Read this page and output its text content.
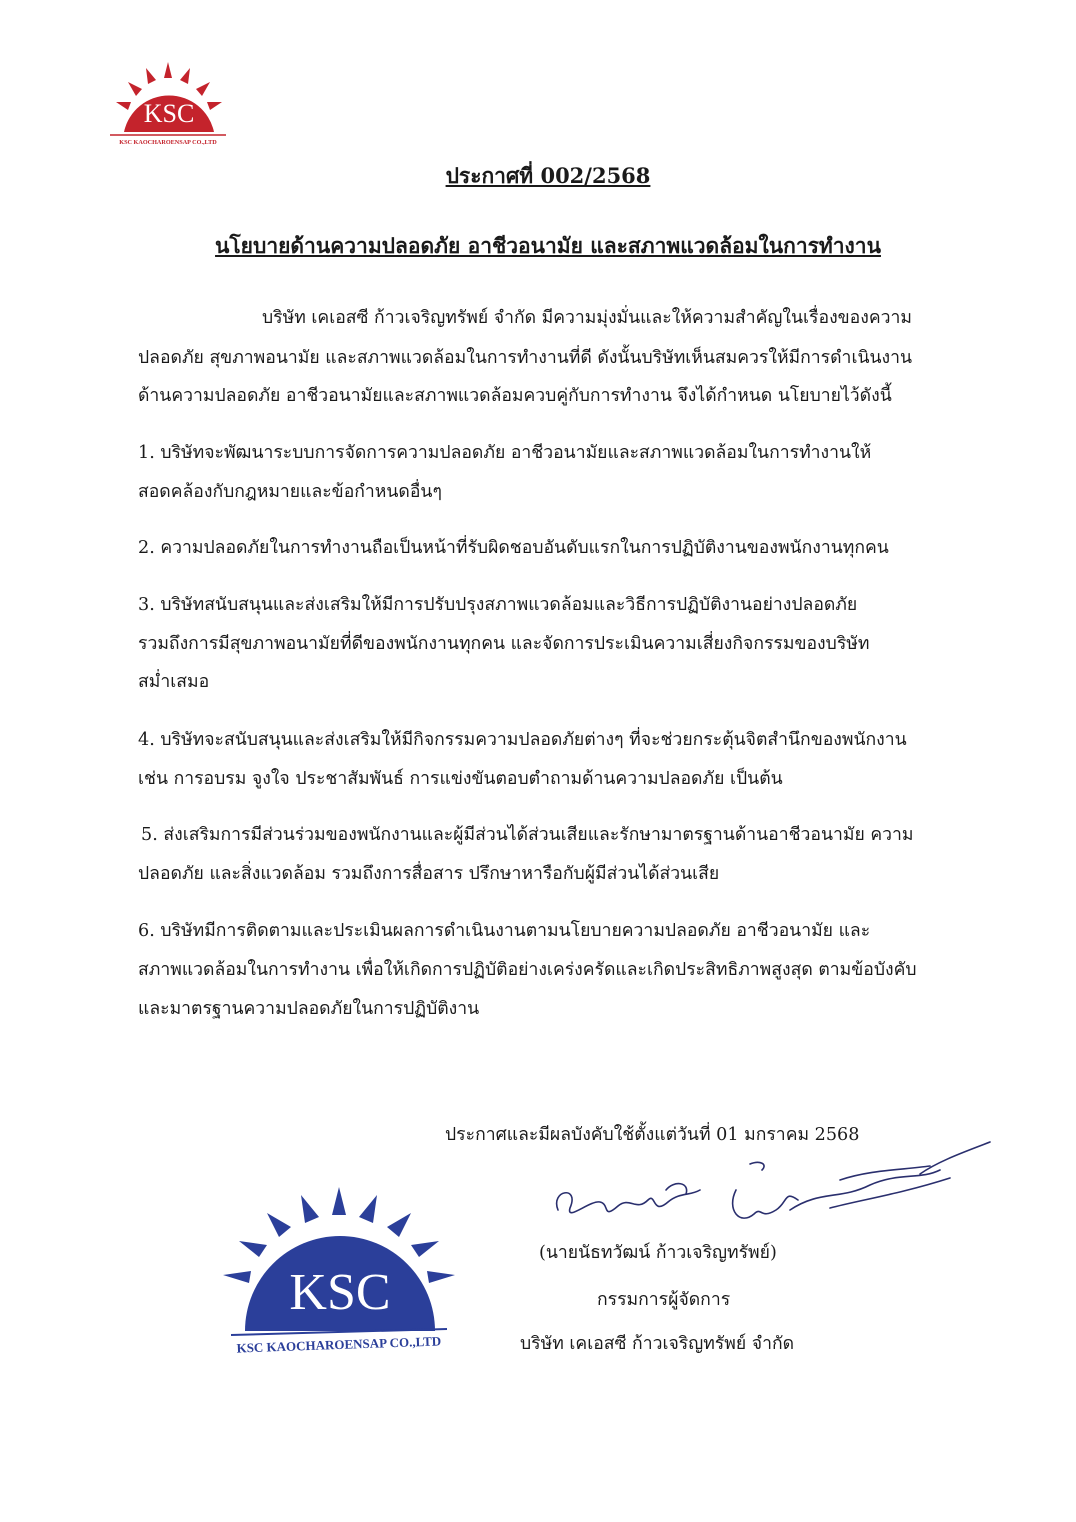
KSC
KSC KAOCHAROENSAP CO.,LTD
ประกาศที่ 002/2568
นโยบายด้านความปลอดภัย อาชีวอนามัย และสภาพแวดล้อมในการทำงาน
บริษัท เคเอสซี ก้าวเจริญทรัพย์ จำกัด มีความมุ่งมั่นและให้ความสำคัญในเรื่องของความ
ปลอดภัย สุขภาพอนามัย และสภาพแวดล้อมในการทำงานที่ดี ดังนั้นบริษัทเห็นสมควรให้มีการดำเนินงาน
ด้านความปลอดภัย อาชีวอนามัยและสภาพแวดล้อมควบคู่กับการทำงาน จึงได้กำหนด นโยบายไว้ดังนี้
1. บริษัทจะพัฒนาระบบการจัดการความปลอดภัย อาชีวอนามัยและสภาพแวดล้อมในการทำงานให้
สอดคล้องกับกฎหมายและข้อกำหนดอื่นๆ
2. ความปลอดภัยในการทำงานถือเป็นหน้าที่รับผิดชอบอันดับแรกในการปฏิบัติงานของพนักงานทุกคน
3. บริษัทสนับสนุนและส่งเสริมให้มีการปรับปรุงสภาพแวดล้อมและวิธีการปฏิบัติงานอย่างปลอดภัย
รวมถึงการมีสุขภาพอนามัยที่ดีของพนักงานทุกคน และจัดการประเมินความเสี่ยงกิจกรรมของบริษัท
สม่ำเสมอ
4. บริษัทจะสนับสนุนและส่งเสริมให้มีกิจกรรมความปลอดภัยต่างๆ ที่จะช่วยกระตุ้นจิตสำนึกของพนักงาน
เช่น การอบรม จูงใจ ประชาสัมพันธ์ การแข่งขันตอบตำถามด้านความปลอดภัย เป็นต้น
5. ส่งเสริมการมีส่วนร่วมของพนักงานและผู้มีส่วนได้ส่วนเสียและรักษามาตรฐานด้านอาชีวอนามัย ความ
ปลอดภัย และสิ่งแวดล้อม รวมถึงการสื่อสาร ปรึกษาหารือกับผู้มีส่วนได้ส่วนเสีย
6. บริษัทมีการติดตามและประเมินผลการดำเนินงานตามนโยบายความปลอดภัย อาชีวอนามัย และ
สภาพแวดล้อมในการทำงาน เพื่อให้เกิดการปฏิบัติอย่างเคร่งครัดและเกิดประสิทธิภาพสูงสุด ตามข้อบังคับ
และมาตรฐานความปลอดภัยในการปฏิบัติงาน
ประกาศและมีผลบังคับใช้ตั้งแต่วันที่ 01 มกราคม 2568
(นายนัธทวัฒน์ ก้าวเจริญทรัพย์)
กรรมการผู้จัดการ
บริษัท เคเอสซี ก้าวเจริญทรัพย์ จำกัด
KSC
KSC KAOCHAROENSAP CO.,LTD
